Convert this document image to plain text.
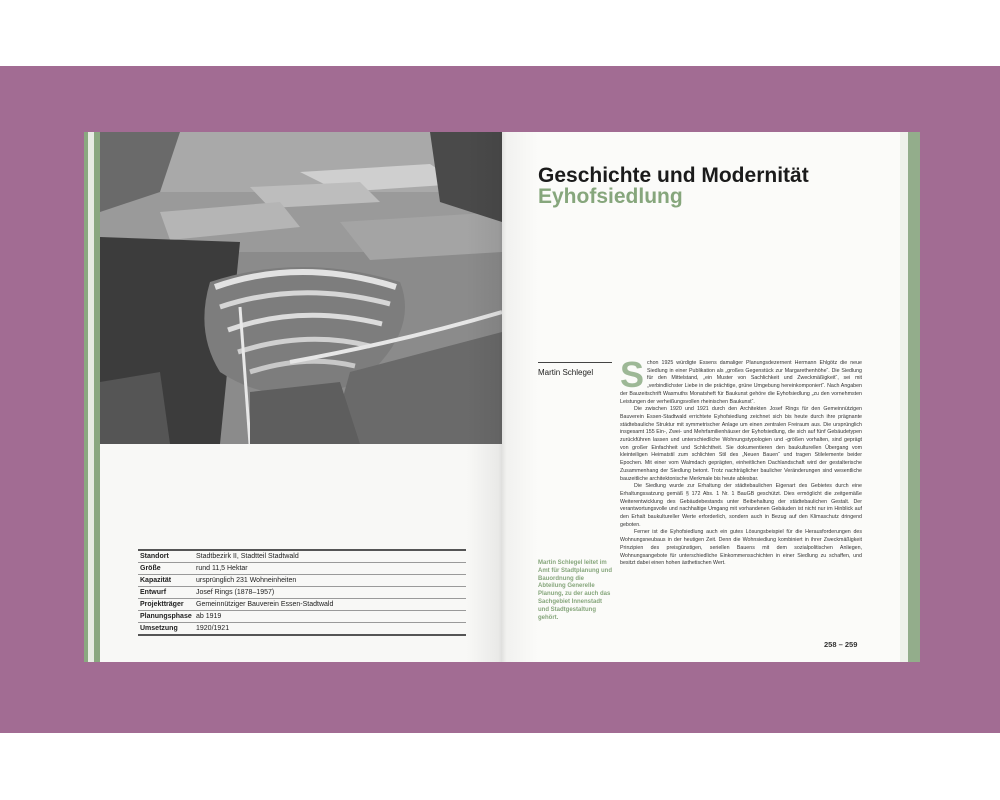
Standort	Stadtbezirk II, Stadtteil Stadtwald
Größe	rund 11,5 Hektar
Kapazität	ursprünglich 231 Wohneinheiten
Entwurf	Josef Rings (1878–1957)
Projektträger	Gemeinnütziger Bauverein Essen-Stadtwald
Planungsphase	ab 1919
Umsetzung	1920/1921
Geschichte und Modernität
Eyhofsiedlung
Martin Schlegel
Martin Schlegel leitet im Amt für Stadtplanung und Bauordnung die Abteilung Generelle Planung, zu der auch das Sachgebiet Innenstadt und Stadtgestaltung gehört.

Schon 1925 würdigte Essens damaliger Planungsdezernent Hermann Ehlgötz die neue Siedlung in einer Publikation als „großes Gegenstück zur Margarethenhöhe“. Die Siedlung für den Mittelstand, „ein Muster von Sachlichkeit und Zweckmäßigkeit“, sei mit „verbindlichster Liebe in die prächtige, grüne Umgebung hereinkomponiert“. Nach Angaben der Bauzeitschrift Wasmuths Monatsheft für Baukunst gehöre die Eyhofsiedlung „zu den vornehmsten Leistungen der verheißungsvollen rheinischen Baukunst“.

Die zwischen 1920 und 1921 durch den Architekten Josef Rings für den Gemeinnützigen Bauverein Essen-Stadtwald errichtete Eyhofsiedlung zeichnet sich bis heute durch ihre prägnante städtebauliche Struktur mit symmetrischer Anlage um einen zentralen Freiraum aus. Die ursprünglich insgesamt 155 Ein-, Zwei- und Mehrfamilienhäuser der Eyhofsiedlung, die sich auf fünf Gebäudetypen zurückführen lassen und unterschiedliche Wohnungstypologien und -größen vorhalten, sind geprägt von großer Einfachheit und Schlichtheit. Sie dokumentieren den baukulturellen Übergang vom kleinteiligen Heimatstil zum schlichten Stil des „Neuen Bauen“ und tragen Stilelemente beider Epochen. Mit einer vom Walmdach geprägten, einheitlichen Dachlandschaft wird der gestalterische Zusammenhang der Siedlung betont. Trotz nachträglicher baulicher Veränderungen sind wesentliche bauzeitliche architektonische Merkmale bis heute ablesbar.

Die Siedlung wurde zur Erhaltung der städtebaulichen Eigenart des Gebietes durch eine Erhaltungssatzung gemäß § 172 Abs. 1 Nr. 1 BauGB geschützt. Dies ermöglicht die zeitgemäße Weiterentwicklung des Gebäudebestands unter Beibehaltung der städtebaulichen Gestalt. Der verantwortungsvolle und nachhaltige Umgang mit vorhandenen Gebäuden ist nicht nur im Hinblick auf den Erhalt baukultureller Werte erforderlich, sondern auch in Bezug auf den Klimaschutz dringend geboten.

Ferner ist die Eyhofsiedlung auch ein gutes Lösungsbeispiel für die Herausforderungen des Wohnungsneubaus in der heutigen Zeit. Denn die Wohnsiedlung kombiniert in ihrer Zweckmäßigkeit Prinzipien des preisgünstigen, seriellen Bauens mit dem sozialpolitischen Anliegen, Wohnungsangebote für unterschiedliche Einkommensschichten in einer Siedlung zu schaffen, und besitzt dabei einen hohen ästhetischen Wert.

258 – 259
